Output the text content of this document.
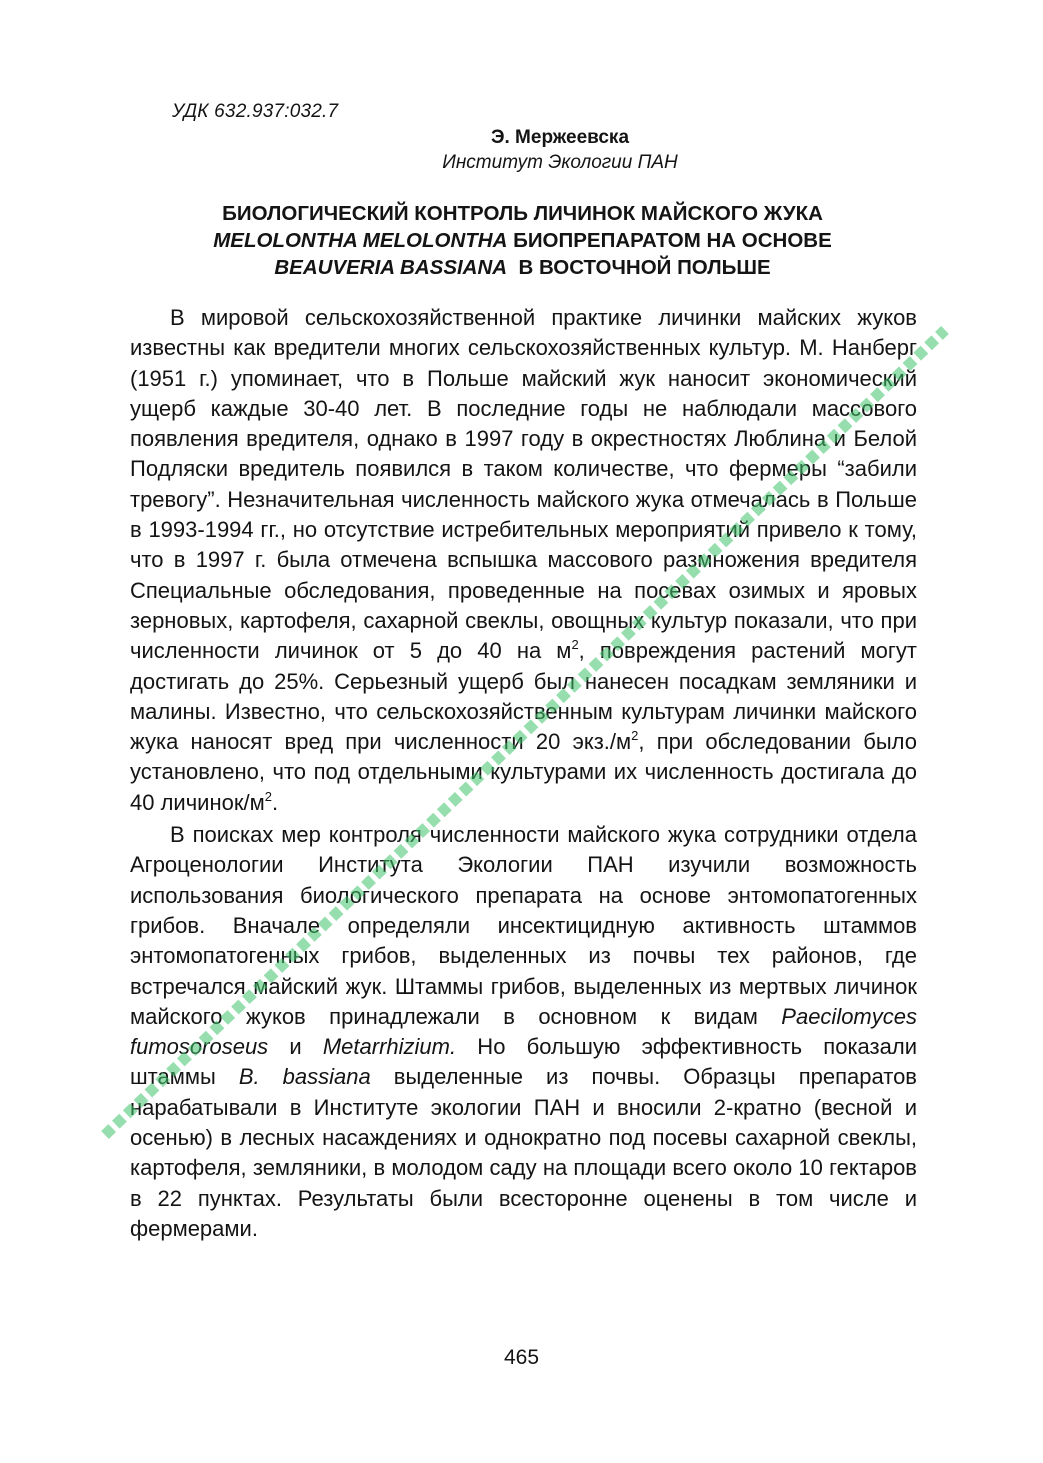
УДК 632.937:032.7
Э. Мержеевска
Институт Экологии ПАН
БИОЛОГИЧЕСКИЙ КОНТРОЛЬ ЛИЧИНОК МАЙСКОГО ЖУКА
MELOLONTHA MELOLONTHA БИОПРЕПАРАТОМ НА ОСНОВЕ
BEAUVERIA BASSIANA  В ВОСТОЧНОЙ ПОЛЬШЕ

В мировой сельскохозяйственной практике личинки майских жуков известны как вредители многих сельскохозяйственных культур. М. Нанберг (1951 г.) упоминает, что в Польше майский жук наносит экономический ущерб каждые 30-40 лет. В последние годы не наблюдали массового появления вредителя, однако в 1997 году в окрестностях Люблина и Белой Подляски вредитель появился в таком количестве, что фермеры “забили тревогу”. Незначительная численность майского жука отмечалась в Польше в 1993-1994 гг., но отсутствие истребительных мероприятий привело к тому, что в 1997 г. была отмечена вспышка массового размножения вредителя Специальные обследования, проведенные на посевах озимых и яровых зерновых, картофеля, сахарной свеклы, овощных культур показали, что при численности личинок от 5 до 40 на $м^2$, повреждения растений могут достигать до 25%. Серьезный ущерб был нанесен посадкам земляники и малины. Известно, что сельскохозяйственным культурам личинки майского жука наносят вред при численности 20 $экз./м^2$, при обследовании было установлено, что под отдельными культурами их численность достигала до 40 личинок/$м^2$.

В поисках мер контроля численности майского жука сотрудники отдела Агроценологии Института Экологии ПАН изучили возможность использования биологического препарата на основе энтомопатогенных грибов. Вначале определяли инсектицидную активность штаммов энтомопатогенных грибов, выделенных из почвы тех районов, где встречался майский жук. Штаммы грибов, выделенных из мертвых личинок майского жуков принадлежали в основном к видам Paecilomyces fumosoroseus и Metarrhizium. Но большую эффективность показали штаммы B. bassiana выделенные из почвы. Образцы препаратов нарабатывали в Институте экологии ПАН и вносили 2-кратно (весной и осенью) в лесных насаждениях и однократно под посевы сахарной свеклы, картофеля, земляники, в молодом саду на площади всего около 10 гектаров в 22 пунктах. Результаты были всесторонне оценены в том числе и фермерами.

465
